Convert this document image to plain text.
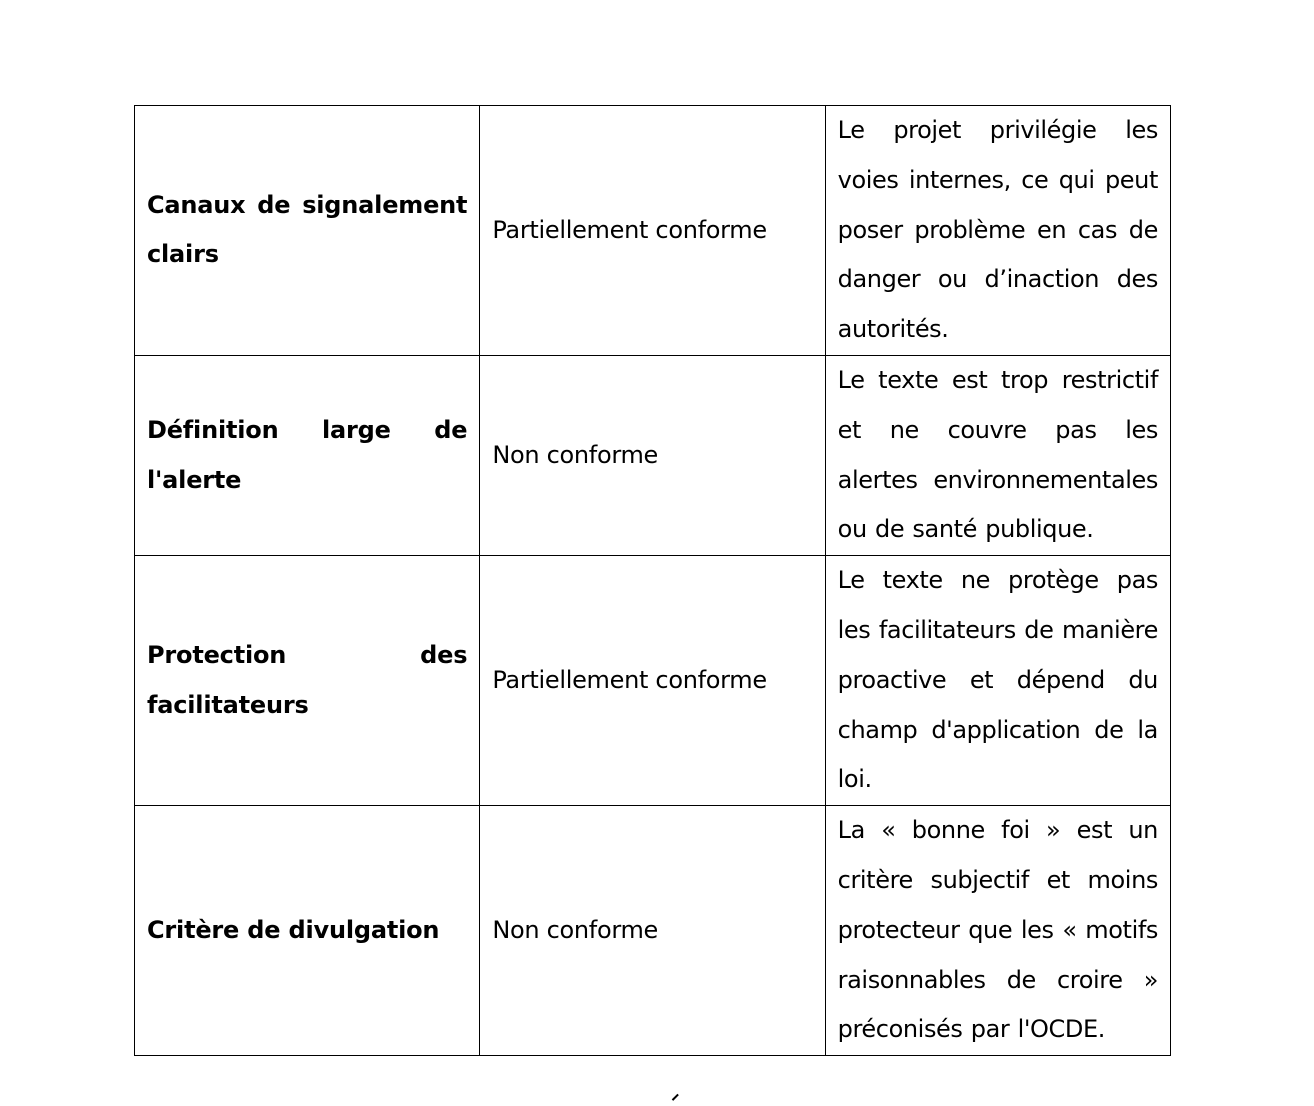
Canaux de signalement clairs	Partiellement conforme	Le projet privilégie les voies internes, ce qui peut poser problème en cas de danger ou d’inaction des autorités.
Définition large de l'alerte	Non conforme	Le texte est trop restrictif et ne couvre pas les alertes environnementales ou de santé publique.
Protection des facilitateurs	Partiellement conforme	Le texte ne protège pas les facilitateurs de manière proactive et dépend du champ d'application de la loi.
Critère de divulgation	Non conforme	La « bonne foi » est un critère subjectif et moins protecteur que les « motifs raisonnables de croire » préconisés par l'OCDE.
